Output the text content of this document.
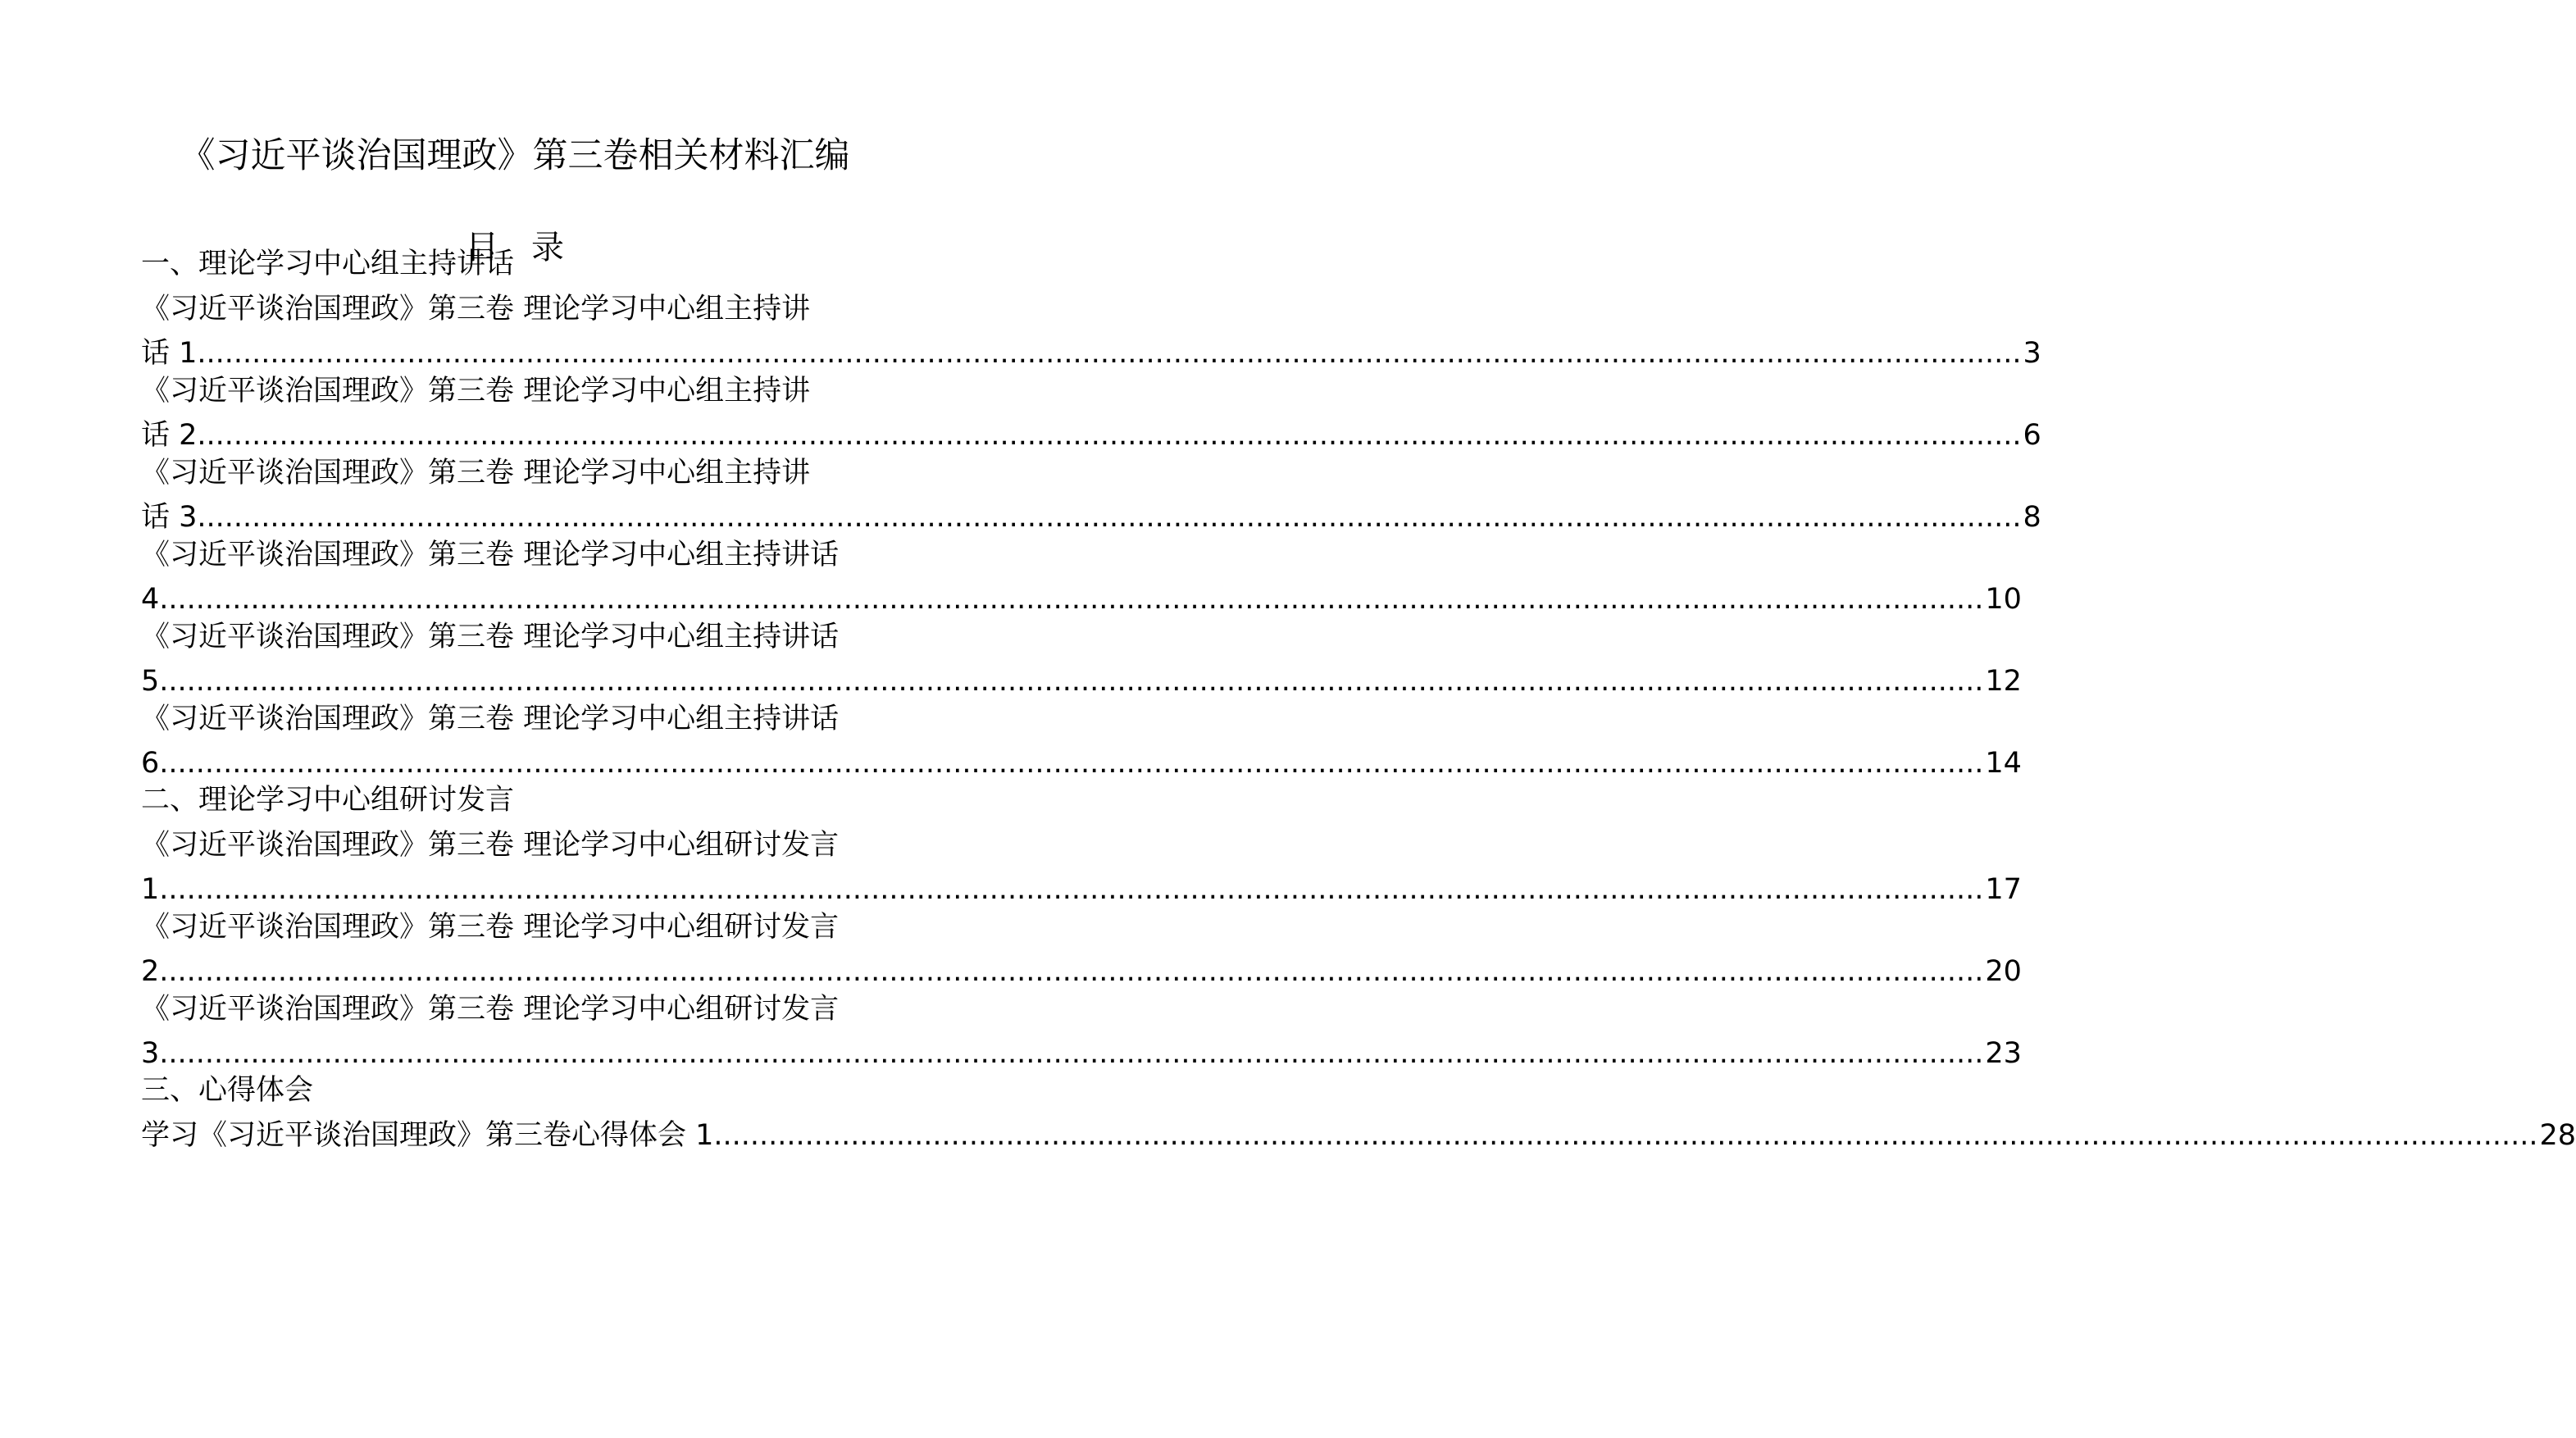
《习近平谈治国理政》第三卷相关材料汇编
目　录
一、理论学习中心组主持讲话
《习近平谈治国理政》第三卷 理论学习中心组主持讲
话 1 ........................................................................................................................................................................................................ 3
《习近平谈治国理政》第三卷 理论学习中心组主持讲
话 2 ........................................................................................................................................................................................................ 6
《习近平谈治国理政》第三卷 理论学习中心组主持讲
话 3 ........................................................................................................................................................................................................ 8
《习近平谈治国理政》第三卷 理论学习中心组主持讲话
4 ........................................................................................................................................................................................................ 10
《习近平谈治国理政》第三卷 理论学习中心组主持讲话
5 ........................................................................................................................................................................................................ 12
《习近平谈治国理政》第三卷 理论学习中心组主持讲话
6 ........................................................................................................................................................................................................ 14
二、理论学习中心组研讨发言
《习近平谈治国理政》第三卷 理论学习中心组研讨发言
1 ........................................................................................................................................................................................................ 17
《习近平谈治国理政》第三卷 理论学习中心组研讨发言
2 ........................................................................................................................................................................................................ 20
《习近平谈治国理政》第三卷 理论学习中心组研讨发言
3 ........................................................................................................................................................................................................ 23
三、心得体会
学习《习近平谈治国理政》第三卷心得体会 1 ........................................................................................................................................................................................................ 28
